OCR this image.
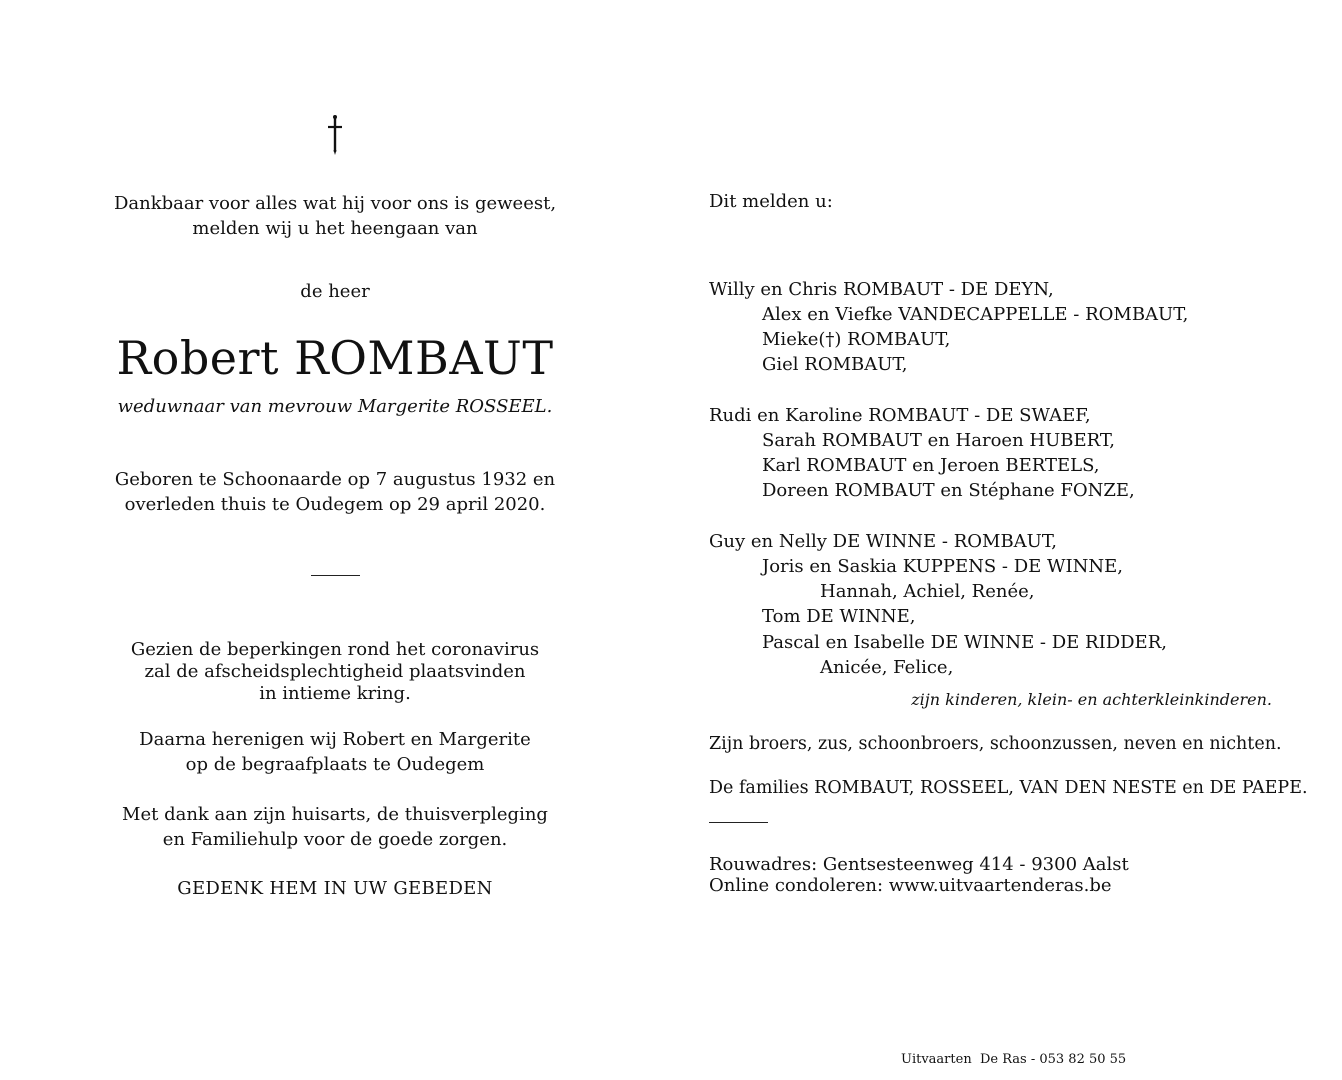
Dankbaar voor alles wat hij voor ons is geweest,
melden wij u het heengaan van
de heer
Robert ROMBAUT
weduwnaar van mevrouw Margerite ROSSEEL.
Geboren te Schoonaarde op 7 augustus 1932 en
overleden thuis te Oudegem op 29 april 2020.
Gezien de beperkingen rond het coronavirus
zal de afscheidsplechtigheid plaatsvinden
in intieme kring.
Daarna herenigen wij Robert en Margerite
op de begraafplaats te Oudegem
Met dank aan zijn huisarts, de thuisverpleging
en Familiehulp voor de goede zorgen.
GEDENK HEM IN UW GEBEDEN
Dit melden u:
Willy en Chris ROMBAUT - DE DEYN,
Alex en Viefke VANDECAPPELLE - ROMBAUT,
Mieke(†) ROMBAUT,
Giel ROMBAUT,
Rudi en Karoline ROMBAUT - DE SWAEF,
Sarah ROMBAUT en Haroen HUBERT,
Karl ROMBAUT en Jeroen BERTELS,
Doreen ROMBAUT en Stéphane FONZE,
Guy en Nelly DE WINNE - ROMBAUT,
Joris en Saskia KUPPENS - DE WINNE,
Hannah, Achiel, Renée,
Tom DE WINNE,
Pascal en Isabelle DE WINNE - DE RIDDER,
Anicée, Felice,
zijn kinderen, klein- en achterkleinkinderen.
Zijn broers, zus, schoonbroers, schoonzussen, neven en nichten.
De families ROMBAUT, ROSSEEL, VAN DEN NESTE en DE PAEPE.
Rouwadres: Gentsesteenweg 414 - 9300 Aalst
Online condoleren: www.uitvaartenderas.be
Uitvaarten  De Ras - 053 82 50 55
